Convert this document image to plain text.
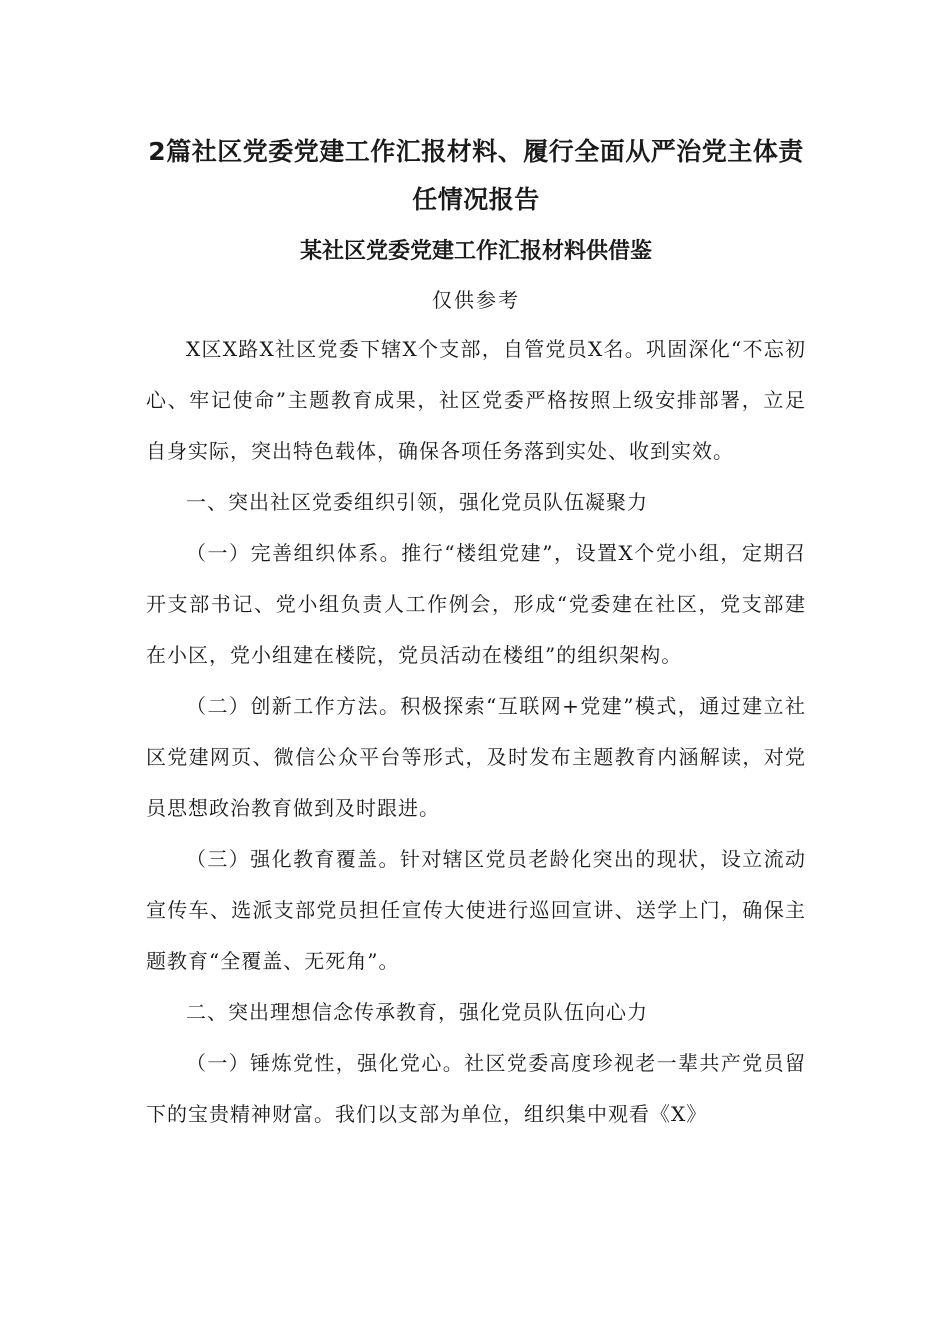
2篇社区党委党建工作汇报材料、履行全面从严治党主体责任情况报告
某社区党委党建工作汇报材料供借鉴
仅供参考

X区X路X社区党委下辖X个支部，自管党员X名。巩固深化“不忘初心、牢记使命”主题教育成果，社区党委严格按照上级安排部署，立足自身实际，突出特色载体，确保各项任务落到实处、收到实效。

一、突出社区党委组织引领，强化党员队伍凝聚力

（一）完善组织体系。推行“楼组党建”，设置X个党小组，定期召开支部书记、党小组负责人工作例会，形成“党委建在社区，党支部建在小区，党小组建在楼院，党员活动在楼组”的组织架构。

（二）创新工作方法。积极探索“互联网+党建”模式，通过建立社区党建网页、微信公众平台等形式，及时发布主题教育内涵解读，对党员思想政治教育做到及时跟进。

（三）强化教育覆盖。针对辖区党员老龄化突出的现状，设立流动宣传车、选派支部党员担任宣传大使进行巡回宣讲、送学上门，确保主题教育“全覆盖、无死角”。

二、突出理想信念传承教育，强化党员队伍向心力

（一）锤炼党性，强化党心。社区党委高度珍视老一辈共产党员留下的宝贵精神财富。我们以支部为单位，组织集中观看《X》
